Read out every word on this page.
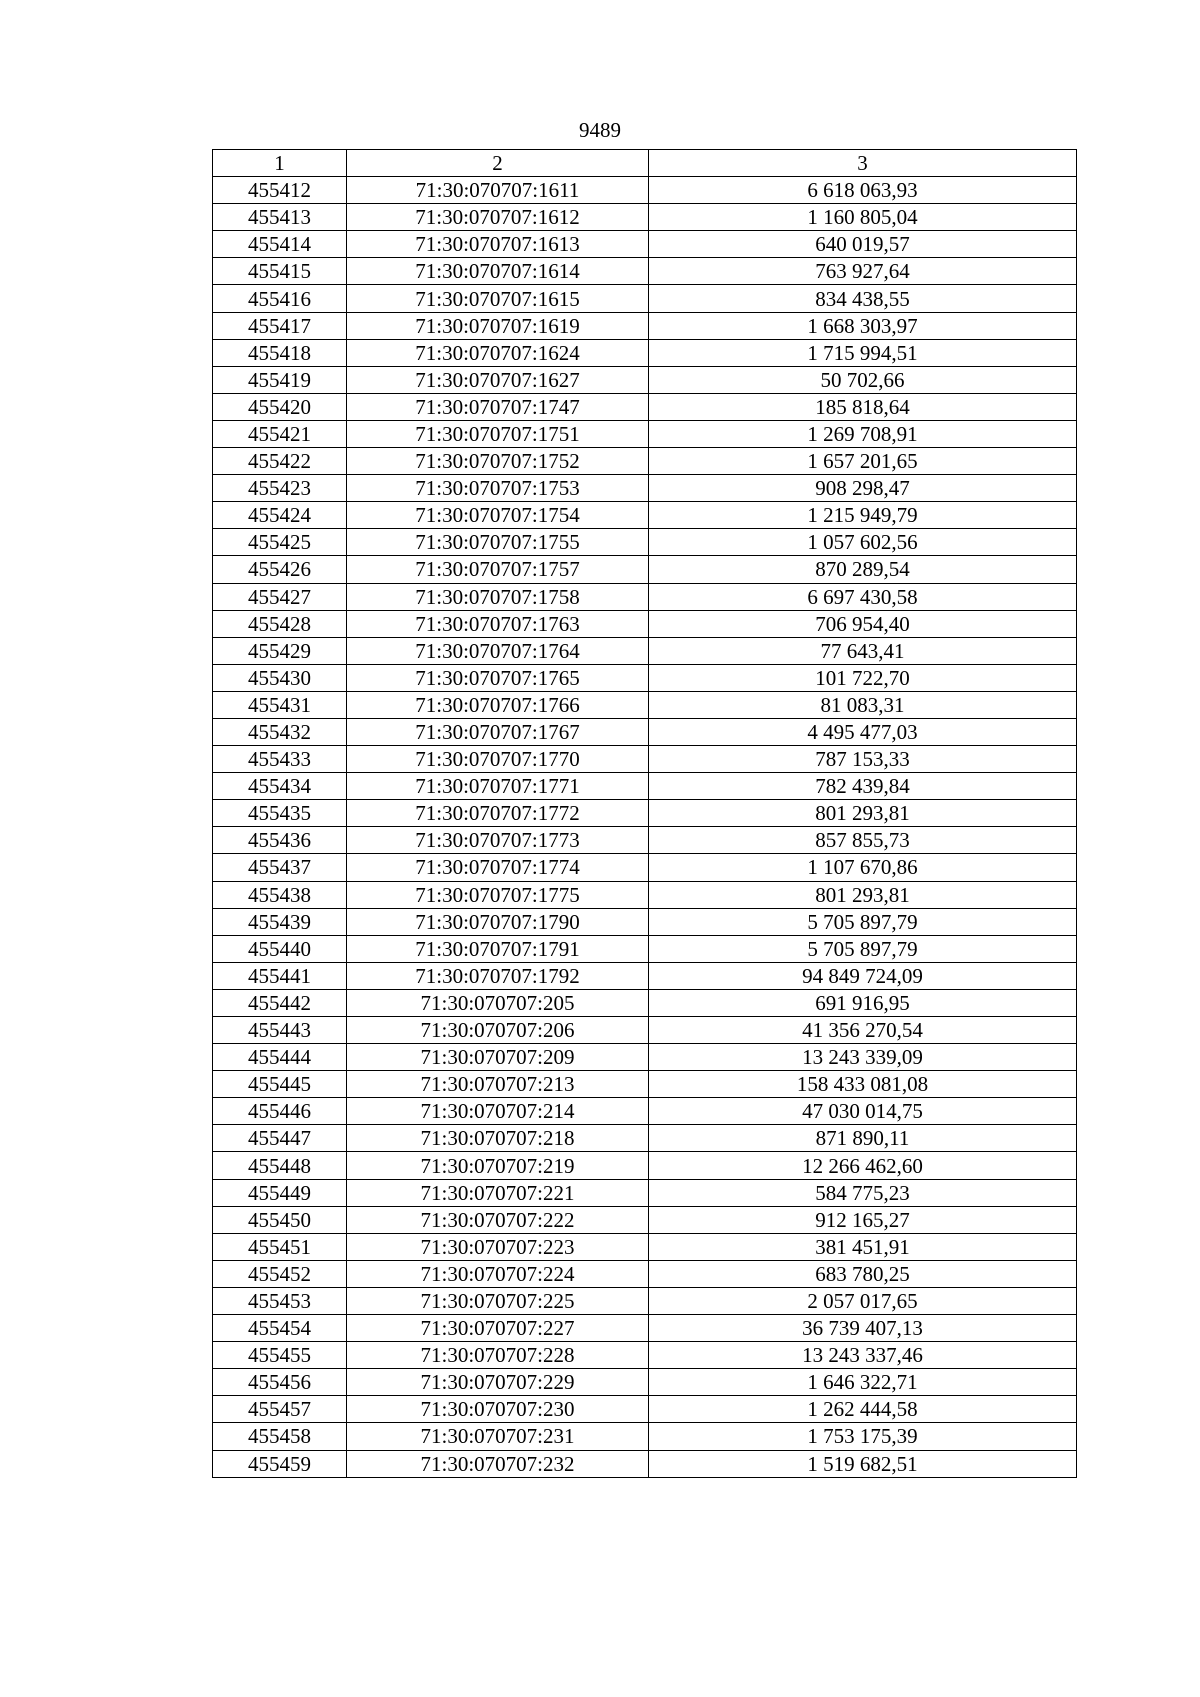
9489
1	2	3
455412	71:30:070707:1611	6 618 063,93
455413	71:30:070707:1612	1 160 805,04
455414	71:30:070707:1613	640 019,57
455415	71:30:070707:1614	763 927,64
455416	71:30:070707:1615	834 438,55
455417	71:30:070707:1619	1 668 303,97
455418	71:30:070707:1624	1 715 994,51
455419	71:30:070707:1627	50 702,66
455420	71:30:070707:1747	185 818,64
455421	71:30:070707:1751	1 269 708,91
455422	71:30:070707:1752	1 657 201,65
455423	71:30:070707:1753	908 298,47
455424	71:30:070707:1754	1 215 949,79
455425	71:30:070707:1755	1 057 602,56
455426	71:30:070707:1757	870 289,54
455427	71:30:070707:1758	6 697 430,58
455428	71:30:070707:1763	706 954,40
455429	71:30:070707:1764	77 643,41
455430	71:30:070707:1765	101 722,70
455431	71:30:070707:1766	81 083,31
455432	71:30:070707:1767	4 495 477,03
455433	71:30:070707:1770	787 153,33
455434	71:30:070707:1771	782 439,84
455435	71:30:070707:1772	801 293,81
455436	71:30:070707:1773	857 855,73
455437	71:30:070707:1774	1 107 670,86
455438	71:30:070707:1775	801 293,81
455439	71:30:070707:1790	5 705 897,79
455440	71:30:070707:1791	5 705 897,79
455441	71:30:070707:1792	94 849 724,09
455442	71:30:070707:205	691 916,95
455443	71:30:070707:206	41 356 270,54
455444	71:30:070707:209	13 243 339,09
455445	71:30:070707:213	158 433 081,08
455446	71:30:070707:214	47 030 014,75
455447	71:30:070707:218	871 890,11
455448	71:30:070707:219	12 266 462,60
455449	71:30:070707:221	584 775,23
455450	71:30:070707:222	912 165,27
455451	71:30:070707:223	381 451,91
455452	71:30:070707:224	683 780,25
455453	71:30:070707:225	2 057 017,65
455454	71:30:070707:227	36 739 407,13
455455	71:30:070707:228	13 243 337,46
455456	71:30:070707:229	1 646 322,71
455457	71:30:070707:230	1 262 444,58
455458	71:30:070707:231	1 753 175,39
455459	71:30:070707:232	1 519 682,51
